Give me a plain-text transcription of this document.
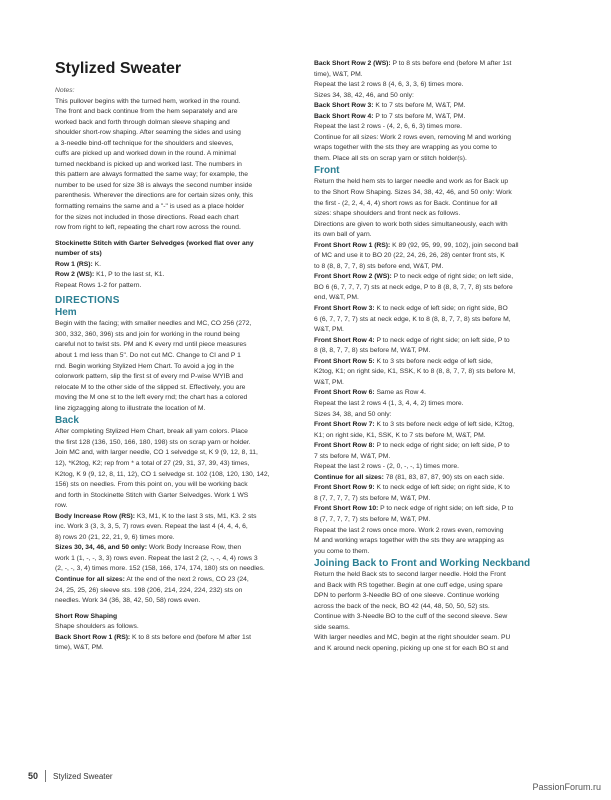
Stylized Sweater

Notes:

This pullover begins with the turned hem, worked in the round.
The front and back continue from the hem separately and are
worked back and forth through dolman sleeve shaping and
shoulder short-row shaping. After seaming the sides and using
a 3-needle bind-off technique for the shoulders and sleeves,
cuffs are picked up and worked down in the round. A minimal
turned neckband is picked up and worked last. The numbers in
this pattern are always formatted the same way; for example, the
number to be used for size 38 is always the second number inside
parenthesis. Wherever the directions are for certain sizes only, this
formatting remains the same and a "-" is used as a place holder
for the sizes not included in those directions. Read each chart
row from right to left, repeating the chart row across the round.

Stockinette Stitch with Garter Selvedges (worked flat over any
number of sts)

Row 1 (RS): K.

Row 2 (WS): K1, P to the last st, K1.

Repeat Rows 1-2 for pattern.

DIRECTIONS
Hem

Begin with the facing; with smaller needles and MC, CO 256 (272,
300, 332, 360, 396) sts and join for working in the round being
careful not to twist sts. PM and K every rnd until piece measures
about 1 rnd less than 5". Do not cut MC. Change to CI and P 1
rnd. Begin working Stylized Hem Chart. To avoid a jog in the
colorwork pattern, slip the first st of every rnd P-wise WYIB and
relocate M to the other side of the slipped st. Effectively, you are
moving the M one st to the left every rnd; the chart has a colored
line zigzagging along to illustrate the location of M.

Back

After completing Stylized Hem Chart, break all yarn colors. Place
the first 128 (136, 150, 166, 180, 198) sts on scrap yarn or holder.
Join MC and, with larger needle, CO 1 selvedge st, K 9 (9, 12, 8, 11,
12), *K2tog, K2; rep from * a total of 27 (29, 31, 37, 39, 43) times,
K2tog, K 9 (9, 12, 8, 11, 12), CO 1 selvedge st. 102 (108, 120, 130, 142,
156) sts on needles. From this point on, you will be working back
and forth in Stockinette Stitch with Garter Selvedges. Work 1 WS
row.

Body Increase Row (RS): K3, M1, K to the last 3 sts, M1, K3. 2 sts
inc. Work 3 (3, 3, 3, 5, 7) rows even. Repeat the last 4 (4, 4, 4, 6,
8) rows 20 (21, 22, 21, 9, 6) times more.

Sizes 30, 34, 46, and 50 only: Work Body Increase Row, then
work 1 (1, -, -, 3, 3) rows even. Repeat the last 2 (2, -, -, 4, 4) rows 3
(2, -, -, 3, 4) times more. 152 (158, 166, 174, 174, 180) sts on needles.

Continue for all sizes: At the end of the next 2 rows, CO 23 (24,
24, 25, 25, 26) sleeve sts. 198 (206, 214, 224, 224, 232) sts on
needles. Work 34 (36, 38, 42, 50, 58) rows even.

Short Row Shaping

Shape shoulders as follows.

Back Short Row 1 (RS): K to 8 sts before end (before M after 1st
time), W&T, PM.

Back Short Row 2 (WS): P to 8 sts before end (before M after 1st
time), W&T, PM.

Repeat the last 2 rows 8 (4, 6, 3, 3, 6) times more.

Sizes 34, 38, 42, 46, and 50 only:

Back Short Row 3: K to 7 sts before M, W&T, PM.

Back Short Row 4: P to 7 sts before M, W&T, PM.

Repeat the last 2 rows - (4, 2, 6, 6, 3) times more.

Continue for all sizes: Work 2 rows even, removing M and working
wraps together with the sts they are wrapping as you come to
them. Place all sts on scrap yarn or stitch holder(s).

Front

Return the held hem sts to larger needle and work as for Back up
to the Short Row Shaping. Sizes 34, 38, 42, 46, and 50 only: Work
the first - (2, 2, 4, 4, 4) short rows as for Back. Continue for all
sizes: shape shoulders and front neck as follows.
Directions are given to work both sides simultaneously, each with
its own ball of yarn.

Front Short Row 1 (RS): K 89 (92, 95, 99, 99, 102), join second ball
of MC and use it to BO 20 (22, 24, 26, 26, 28) center front sts, K
to 8 (8, 8, 7, 7, 8) sts before end, W&T, PM.

Front Short Row 2 (WS): P to neck edge of right side; on left side,
BO 6 (6, 7, 7, 7, 7) sts at neck edge, P to 8 (8, 8, 7, 7, 8) sts before
end, W&T, PM.

Front Short Row 3: K to neck edge of left side; on right side, BO
6 (6, 7, 7, 7, 7) sts at neck edge, K to 8 (8, 8, 7, 7, 8) sts before M,
W&T, PM.

Front Short Row 4: P to neck edge of right side; on left side, P to
8 (8, 8, 7, 7, 8) sts before M, W&T, PM.

Front Short Row 5: K to 3 sts before neck edge of left side,
K2tog, K1; on right side, K1, SSK, K to 8 (8, 8, 7, 7, 8) sts before M,
W&T, PM.

Front Short Row 6: Same as Row 4.

Repeat the last 2 rows 4 (1, 3, 4, 4, 2) times more.

Sizes 34, 38, and 50 only:

Front Short Row 7: K to 3 sts before neck edge of left side, K2tog,
K1; on right side, K1, SSK, K to 7 sts before M, W&T, PM.

Front Short Row 8: P to neck edge of right side; on left side, P to
7 sts before M, W&T, PM.

Repeat the last 2 rows - (2, 0, -, -, 1) times more.

Continue for all sizes: 78 (81, 83, 87, 87, 90) sts on each side.

Front Short Row 9: K to neck edge of left side; on right side, K to
8 (7, 7, 7, 7, 7) sts before M, W&T, PM.

Front Short Row 10: P to neck edge of right side; on left side, P to
8 (7, 7, 7, 7, 7) sts before M, W&T, PM.

Repeat the last 2 rows once more. Work 2 rows even, removing
M and working wraps together with the sts they are wrapping as
you come to them.

Joining Back to Front and Working Neckband

Return the held Back sts to second larger needle. Hold the Front
and Back with RS together. Begin at one cuff edge, using spare
DPN to perform 3-Needle BO of one sleeve. Continue working
across the back of the neck, BO 42 (44, 48, 50, 50, 52) sts.
Continue with 3-Needle BO to the cuff of the second sleeve. Sew
side seams.
With larger needles and MC, begin at the right shoulder seam. PU
and K around neck opening, picking up one st for each BO st and

50 Stylized Sweater
PassionForum.ru
